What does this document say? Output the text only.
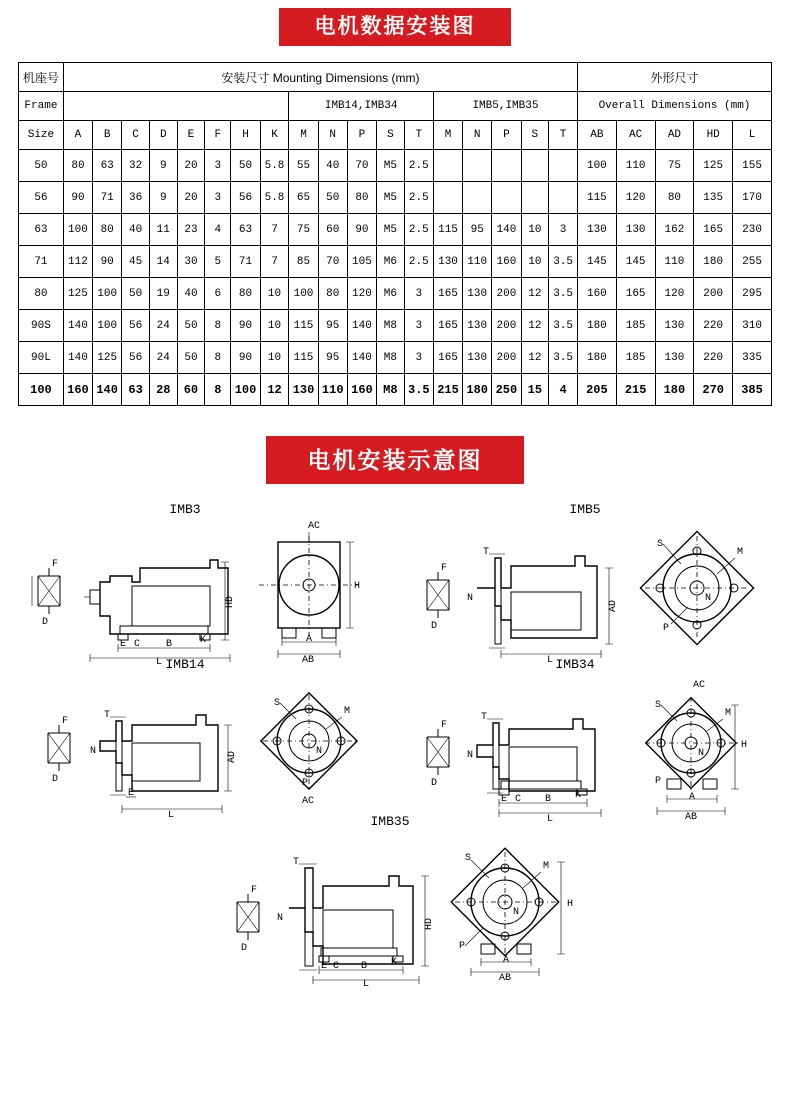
电机数据安装图
机座号	安装尺寸 Mounting Dimensions (mm)																		外形尺寸				
Frame									IMB14,IMB34					IMB5,IMB35					Overall Dimensions (mm)				
Size	A	B	C	D	E	F	H	K	M	N	P	S	T	M	N	P	S	T	AB	AC	AD	HD	L
50	80	63	32	9	20	3	50	5.8	55	40	70	M5	2.5						100	110	75	125	155
56	90	71	36	9	20	3	56	5.8	65	50	80	M5	2.5						115	120	80	135	170
63	100	80	40	11	23	4	63	7	75	60	90	M5	2.5	115	95	140	10	3	130	130	162	165	230
71	112	90	45	14	30	5	71	7	85	70	105	M6	2.5	130	110	160	10	3.5	145	145	110	180	255
80	125	100	50	19	40	6	80	10	100	80	120	M6	3	165	130	200	12	3.5	160	165	120	200	295
90S	140	100	56	24	50	8	90	10	115	95	140	M8	3	165	130	200	12	3.5	180	185	130	220	310
90L	140	125	56	24	50	8	90	10	115	95	140	M8	3	165	130	200	12	3.5	180	185	130	220	335
100	160	140	63	28	60	8	100	12	130	110	160	M8	3.5	215	180	250	15	4	205	215	180	270	385
电机安装示意图
IMB3
F
D
E C	B	K
L
HD
AC
H
A
AB
IMB5
F
D
T
N
L
AD
S
M
N
P
IMB14
F
D
T
N
E
L
AD
S
M
N
P
AC
IMB34
F
D
T
N
E C B K
L
AC
S
M
N
H
A
AB
P
IMB35
F
D
T
N
E C B K
L
HD
S
M
N
P
H
A
AB
